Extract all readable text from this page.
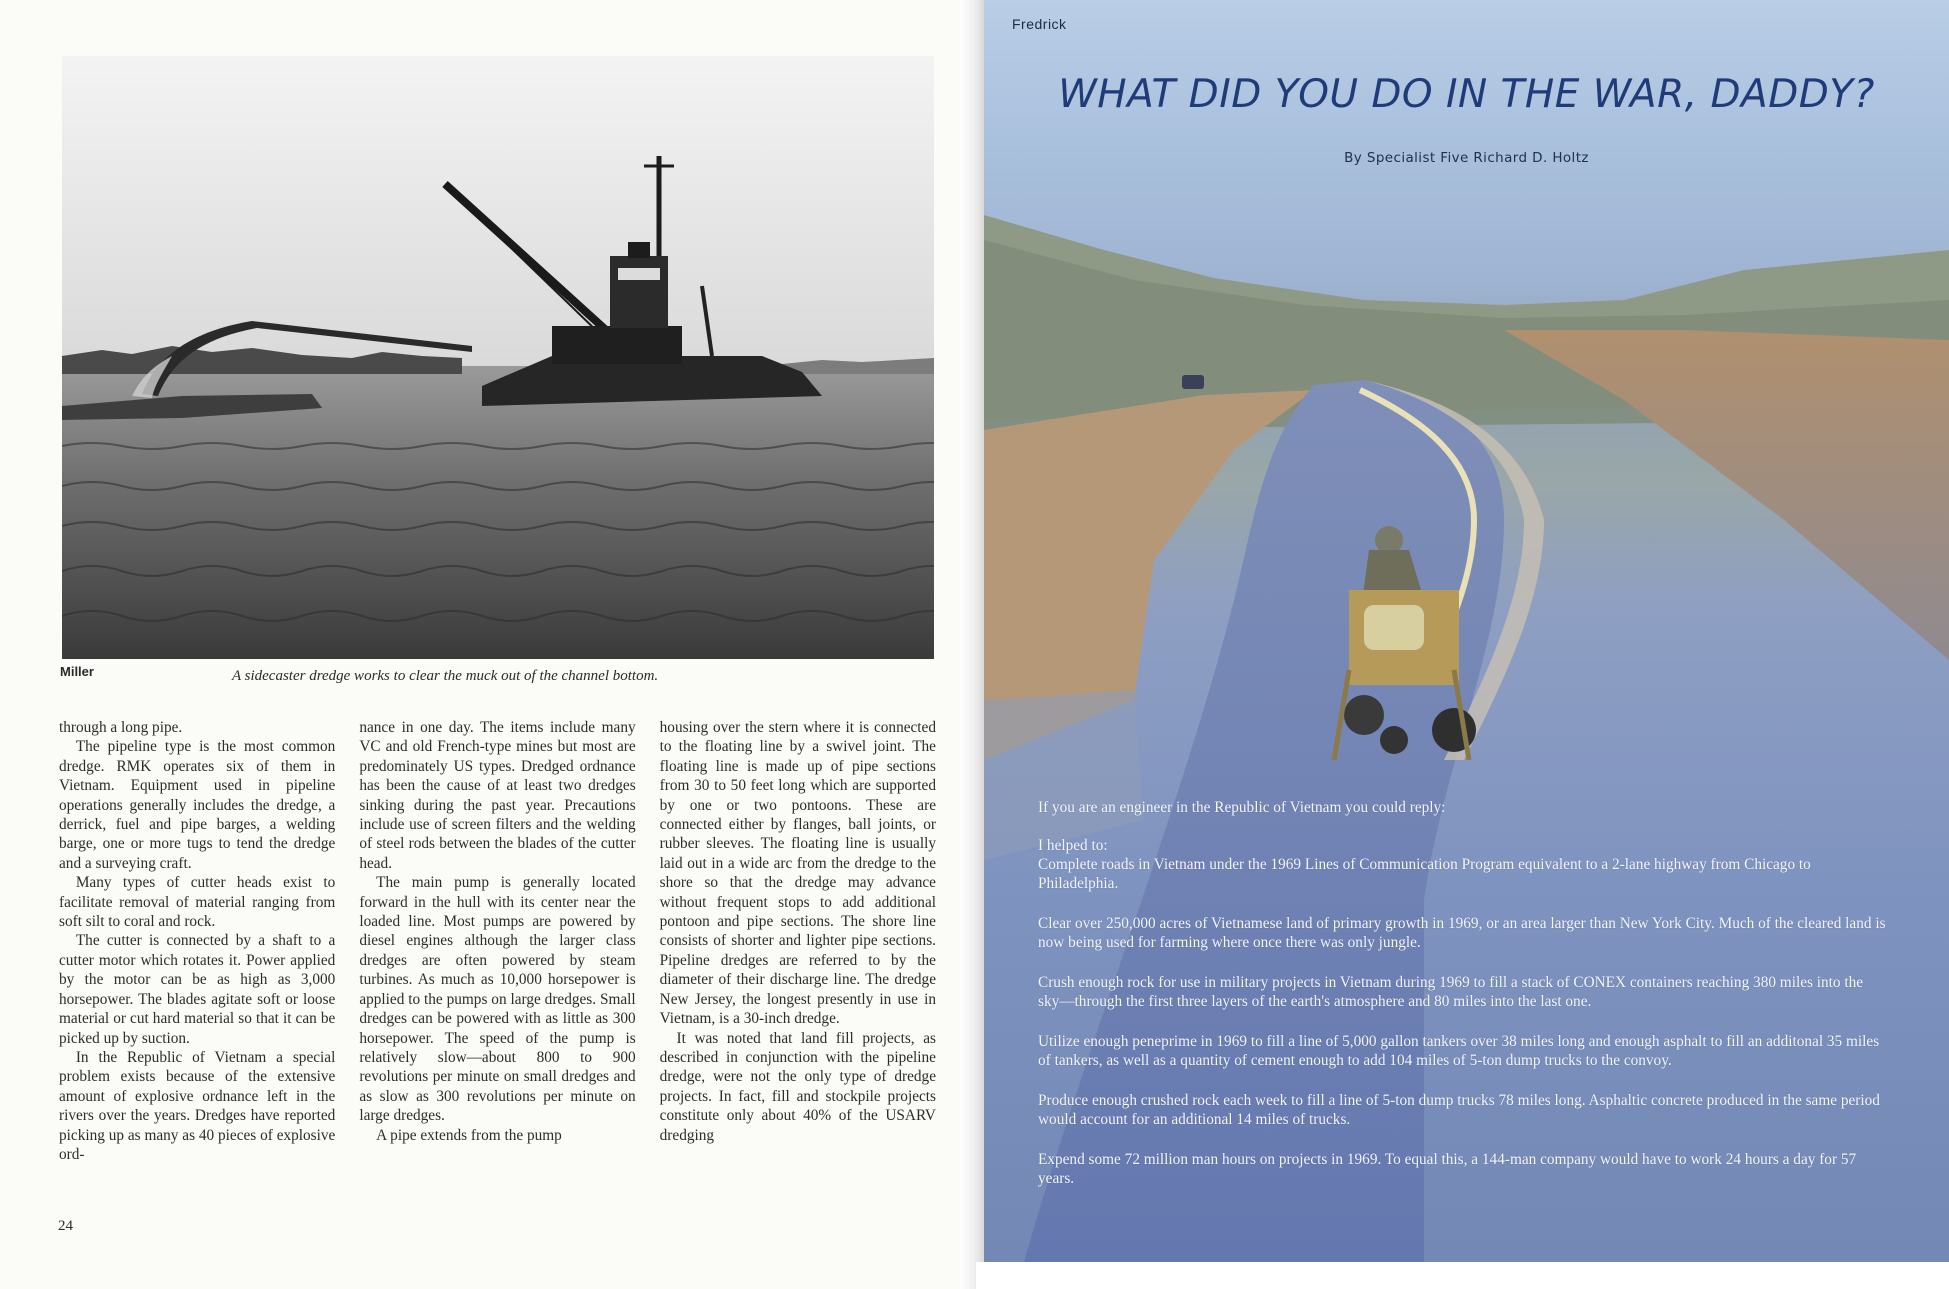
Miller	A sidecaster dredge works to clear the muck out of the channel bottom.

through a long pipe.

The pipeline type is the most common dredge. RMK operates six of them in Vietnam. Equipment used in pipeline operations generally includes the dredge, a derrick, fuel and pipe barges, a welding barge, one or more tugs to tend the dredge and a surveying craft.

Many types of cutter heads exist to facilitate removal of material ranging from soft silt to coral and rock.

The cutter is connected by a shaft to a cutter motor which rotates it. Power applied by the motor can be as high as 3,000 horsepower. The blades agitate soft or loose material or cut hard material so that it can be picked up by suction.

In the Republic of Vietnam a special problem exists because of the extensive amount of explosive ordnance left in the rivers over the years. Dredges have reported picking up as many as 40 pieces of explosive ord-

nance in one day. The items include many VC and old French-type mines but most are predominately US types. Dredged ordnance has been the cause of at least two dredges sinking during the past year. Precautions include use of screen filters and the welding of steel rods between the blades of the cutter head.

The main pump is generally located forward in the hull with its center near the loaded line. Most pumps are powered by diesel engines although the larger class dredges are often powered by steam turbines. As much as 10,000 horsepower is applied to the pumps on large dredges. Small dredges can be powered with as little as 300 horsepower. The speed of the pump is relatively slow—about 800 to 900 revolutions per minute on small dredges and as slow as 300 revolutions per minute on large dredges.

A pipe extends from the pump

housing over the stern where it is connected to the floating line by a swivel joint. The floating line is made up of pipe sections from 30 to 50 feet long which are supported by one or two pontoons. These are connected either by flanges, ball joints, or rubber sleeves. The floating line is usually laid out in a wide arc from the dredge to the shore so that the dredge may advance without frequent stops to add additional pontoon and pipe sections. The shore line consists of shorter and lighter pipe sections. Pipeline dredges are referred to by the diameter of their discharge line. The dredge New Jersey, the longest presently in use in Vietnam, is a 30-inch dredge.

It was noted that land fill projects, as described in conjunction with the pipeline dredge, were not the only type of dredge projects. In fact, fill and stockpile projects constitute only about 40% of the USARV dredging

24
Fredrick
WHAT DID YOU DO IN THE WAR, DADDY?
By Specialist Five Richard D. Holtz

If you are an engineer in the Republic of Vietnam you could reply:

I helped to:

Complete roads in Vietnam under the 1969 Lines of Communication Program equivalent to a 2-lane highway from Chicago to Philadelphia.

Clear over 250,000 acres of Vietnamese land of primary growth in 1969, or an area larger than New York City. Much of the cleared land is now being used for farming where once there was only jungle.

Crush enough rock for use in military projects in Vietnam during 1969 to fill a stack of CONEX containers reaching 380 miles into the sky—through the first three layers of the earth's atmosphere and 80 miles into the last one.

Utilize enough peneprime in 1969 to fill a line of 5,000 gallon tankers over 38 miles long and enough asphalt to fill an additonal 35 miles of tankers, as well as a quantity of cement enough to add 104 miles of 5-ton dump trucks to the convoy.

Produce enough crushed rock each week to fill a line of 5-ton dump trucks 78 miles long. Asphaltic concrete produced in the same period would account for an additional 14 miles of trucks.

Expend some 72 million man hours on projects in 1969. To equal this, a 144-man company would have to work 24 hours a day for 57 years.
